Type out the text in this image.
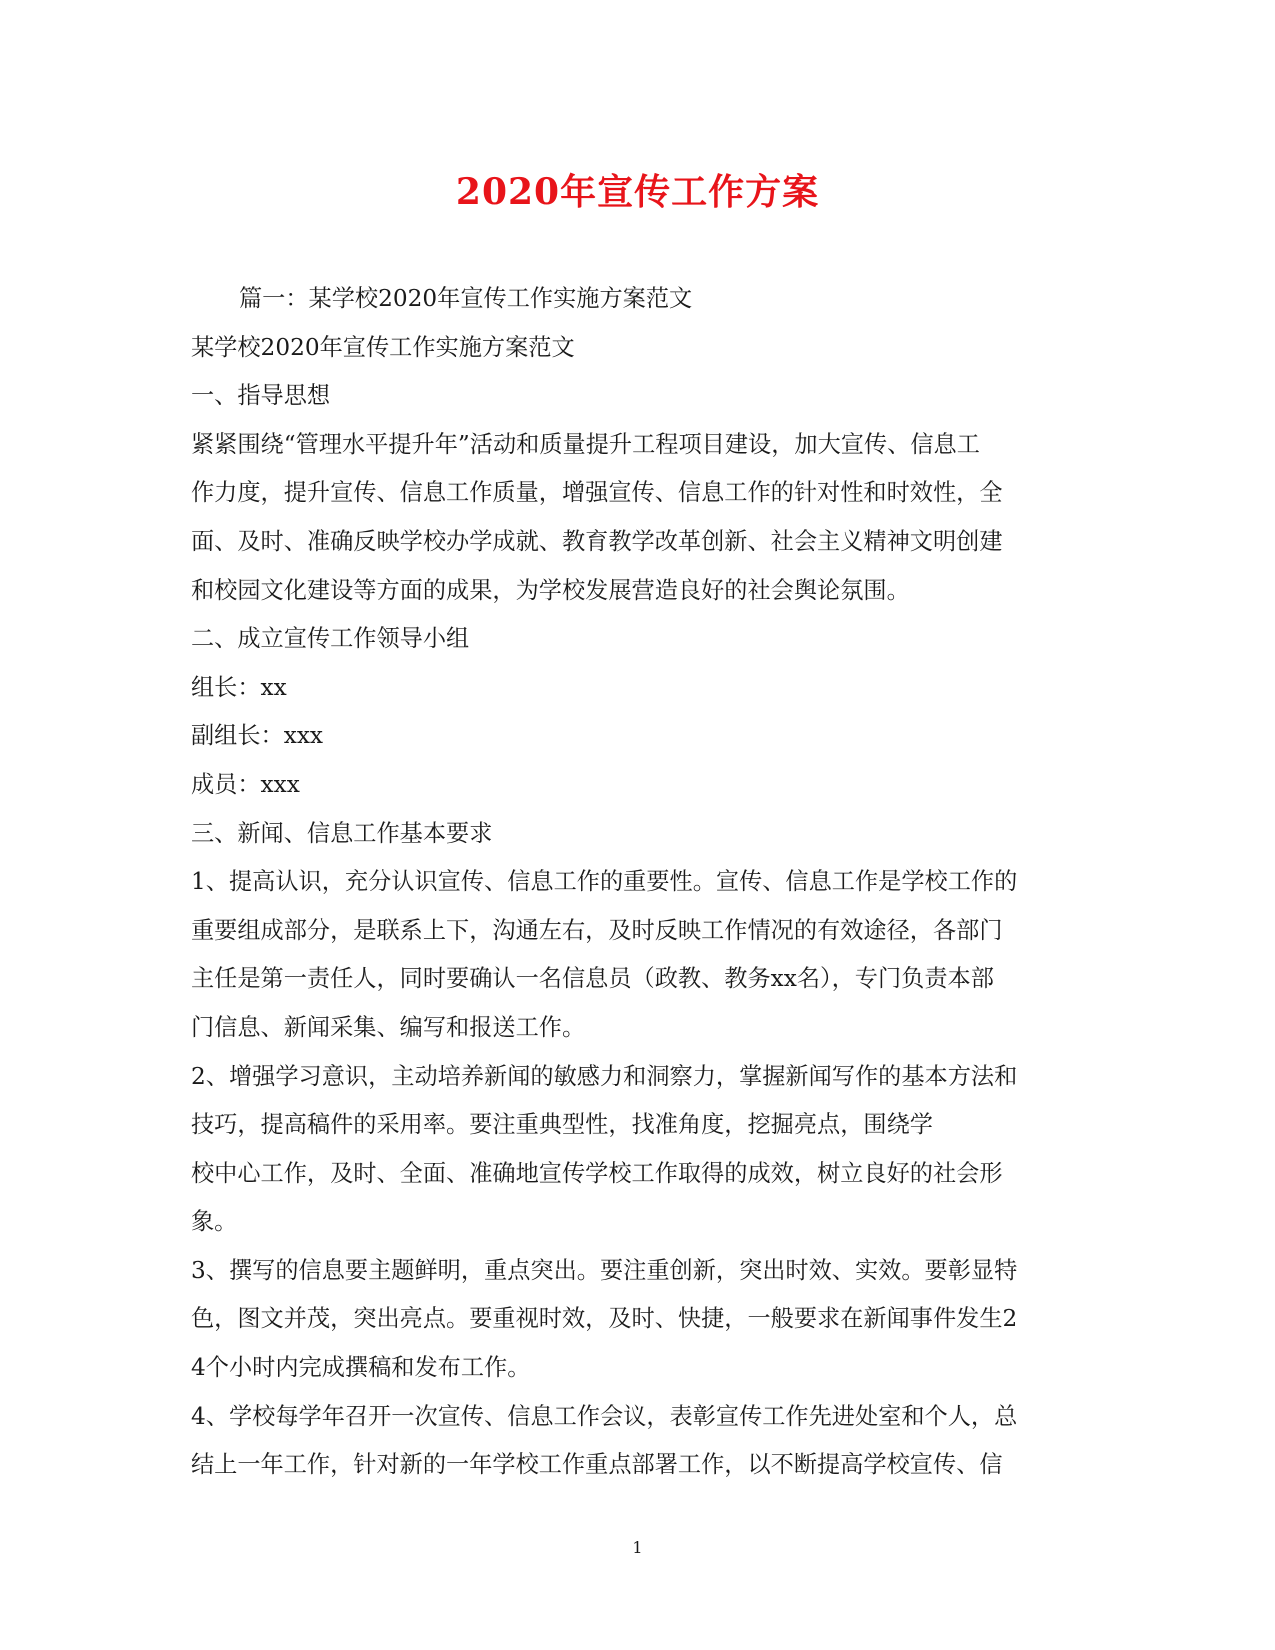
2020年宣传工作方案
篇一：某学校2020年宣传工作实施方案范文
某学校2020年宣传工作实施方案范文
一、指导思想
紧紧围绕“管理水平提升年”活动和质量提升工程项目建设，加大宣传、信息工
作力度，提升宣传、信息工作质量，增强宣传、信息工作的针对性和时效性，全
面、及时、准确反映学校办学成就、教育教学改革创新、社会主义精神文明创建
和校园文化建设等方面的成果，为学校发展营造良好的社会舆论氛围。
二、成立宣传工作领导小组
组长：xx
副组长：xxx
成员：xxx
三、新闻、信息工作基本要求
1、提高认识，充分认识宣传、信息工作的重要性。宣传、信息工作是学校工作的
重要组成部分，是联系上下，沟通左右，及时反映工作情况的有效途径，各部门
主任是第一责任人，同时要确认一名信息员（政教、教务xx名），专门负责本部
门信息、新闻采集、编写和报送工作。
2、增强学习意识，主动培养新闻的敏感力和洞察力，掌握新闻写作的基本方法和
技巧，提高稿件的采用率。要注重典型性，找准角度，挖掘亮点，围绕学
校中心工作，及时、全面、准确地宣传学校工作取得的成效，树立良好的社会形
象。
3、撰写的信息要主题鲜明，重点突出。要注重创新，突出时效、实效。要彰显特
色，图文并茂，突出亮点。要重视时效，及时、快捷，一般要求在新闻事件发生2
4个小时内完成撰稿和发布工作。
4、学校每学年召开一次宣传、信息工作会议，表彰宣传工作先进处室和个人，总
结上一年工作，针对新的一年学校工作重点部署工作，以不断提高学校宣传、信
1
